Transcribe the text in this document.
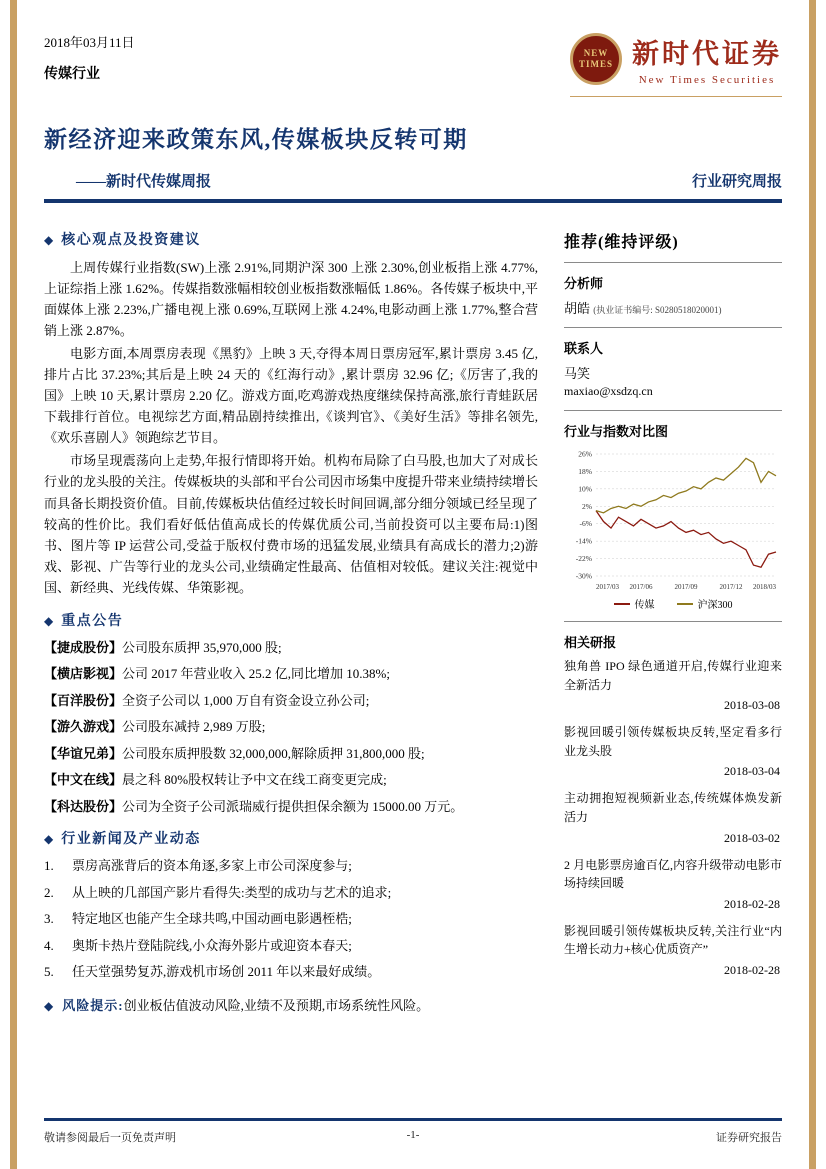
2018年03月11日
传媒行业
NEW
TIMES 新时代证券
New Times Securities
新经济迎来政策东风,传媒板块反转可期
——新时代传媒周报	行业研究周报
◆ 核心观点及投资建议

上周传媒行业指数(SW)上涨 2.91%,同期沪深 300 上涨 2.30%,创业板指上涨 4.77%,上证综指上涨 1.62%。传媒指数涨幅相较创业板指数涨幅低 1.86%。各传媒子板块中,平面媒体上涨 2.23%,广播电视上涨 0.69%,互联网上涨 4.24%,电影动画上涨 1.77%,整合营销上涨 2.87%。

电影方面,本周票房表现《黑豹》上映 3 天,夺得本周日票房冠军,累计票房 3.45 亿,排片占比 37.23%;其后是上映 24 天的《红海行动》,累计票房 32.96 亿;《厉害了,我的国》上映 10 天,累计票房 2.20 亿。游戏方面,吃鸡游戏热度继续保持高涨,旅行青蛙跃居下载排行首位。电视综艺方面,精品剧持续推出,《谈判官》、《美好生活》等排名领先,《欢乐喜剧人》领跑综艺节目。

市场呈现震荡向上走势,年报行情即将开始。机构布局除了白马股,也加大了对成长行业的龙头股的关注。传媒板块的头部和平台公司因市场集中度提升带来业绩持续增长而具备长期投资价值。目前,传媒板块估值经过较长时间回调,部分细分领域已经呈现了较高的性价比。我们看好低估值高成长的传媒优质公司,当前投资可以主要布局:1)图书、图片等 IP 运营公司,受益于版权付费市场的迅猛发展,业绩具有高成长的潜力;2)游戏、影视、广告等行业的龙头公司,业绩确定性最高、估值相对较低。建议关注:视觉中国、新经典、光线传媒、华策影视。

◆ 重点公告
【捷成股份】公司股东质押 35,970,000 股;
【横店影视】公司 2017 年营业收入 25.2 亿,同比增加 10.38%;
【百洋股份】全资子公司以 1,000 万自有资金设立孙公司;
【游久游戏】公司股东减持 2,989 万股;
【华谊兄弟】公司股东质押股数 32,000,000,解除质押 31,800,000 股;
【中文在线】晨之科 80%股权转让予中文在线工商变更完成;
【科达股份】公司为全资子公司派瑞威行提供担保余额为 15000.00 万元。
◆ 行业新闻及产业动态
1.	票房高涨背后的资本角逐,多家上市公司深度参与;
2.	从上映的几部国产影片看得失:类型的成功与艺术的追求;
3.	特定地区也能产生全球共鸣,中国动画电影遇桎梏;
4.	奥斯卡热片登陆院线,小众海外影片或迎资本春天;
5.	任天堂强势复苏,游戏机市场创 2011 年以来最好成绩。
◆ 风险提示:创业板估值波动风险,业绩不及预期,市场系统性风险。
推荐(维持评级)
分析师
胡皓 (执业证书编号: S0280518020001)
联系人
马笑
maxiao@xsdzq.cn
行业与指数对比图
26%
18%
10%
2%
-6%
-14%
-22%
-30%
2017/03 2017/06	2017/09	2017/12 2018/03
传媒	沪深300
相关研报
独角兽 IPO 绿色通道开启,传媒行业迎来全新活力
2018-03-08
影视回暖引领传媒板块反转,坚定看多行业龙头股
2018-03-04
主动拥抱短视频新业态,传统媒体焕发新活力
2018-03-02
2 月电影票房逾百亿,内容升级带动电影市场持续回暖
2018-02-28
影视回暖引领传媒板块反转,关注行业“内生增长动力+核心优质资产”
2018-02-28
敬请参阅最后一页免责声明	-1-	证券研究报告
